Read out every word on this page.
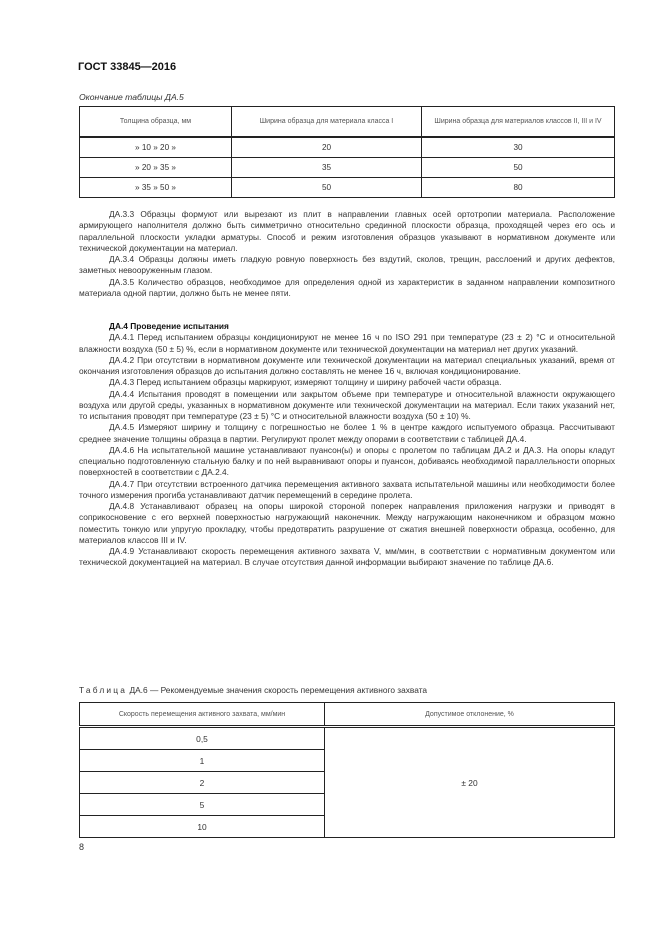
ГОСТ 33845—2016
Окончание таблицы ДА.5
Толщина образца, мм	Ширина образца для материала класса I	Ширина образца для материалов классов II, III и IV
» 10 » 20 »	20	30
» 20 » 35 »	35	50
» 35 » 50 »	50	80

ДА.3.3 Образцы формуют или вырезают из плит в направлении главных осей ортотропии материала. Расположение армирующего наполнителя должно быть симметрично относительно срединной плоскости образца, проходящей через его ось и параллельной плоскости укладки арматуры. Способ и режим изготовления образцов указывают в нормативном документе или технической документации на материал.

ДА.3.4 Образцы должны иметь гладкую ровную поверхность без вздутий, сколов, трещин, расслоений и других дефектов, заметных невооруженным глазом.

ДА.3.5 Количество образцов, необходимое для определения одной из характеристик в заданном направлении композитного материала одной партии, должно быть не менее пяти.

ДА.4 Проведение испытания

ДА.4.1 Перед испытанием образцы кондиционируют не менее 16 ч по ISO 291 при температуре (23 ± 2) °С и относительной влажности воздуха (50 ± 5) %, если в нормативном документе или технической документации на материал нет других указаний.

ДА.4.2 При отсутствии в нормативном документе или технической документации на материал специальных указаний, время от окончания изготовления образцов до испытания должно составлять не менее 16 ч, включая кондиционирование.

ДА.4.3 Перед испытанием образцы маркируют, измеряют толщину и ширину рабочей части образца.

ДА.4.4 Испытания проводят в помещении или закрытом объеме при температуре и относительной влажности окружающего воздуха или другой среды, указанных в нормативном документе или технической документации на материал. Если таких указаний нет, то испытания проводят при температуре (23 ± 5) °С и относительной влажности воздуха (50 ± 10) %.

ДА.4.5 Измеряют ширину и толщину с погрешностью не более 1 % в центре каждого испытуемого образца. Рассчитывают среднее значение толщины образца в партии. Регулируют пролет между опорами в соответствии с таблицей ДА.4.

ДА.4.6 На испытательной машине устанавливают пуансон(ы) и опоры с пролетом по таблицам ДА.2 и ДА.3. На опоры кладут специально подготовленную стальную балку и по ней выравнивают опоры и пуансон, добиваясь необходимой параллельности опорных поверхностей в соответствии с ДА.2.4.

ДА.4.7 При отсутствии встроенного датчика перемещения активного захвата испытательной машины или необходимости более точного измерения прогиба устанавливают датчик перемещений в середине пролета.

ДА.4.8 Устанавливают образец на опоры широкой стороной поперек направления приложения нагрузки и приводят в соприкосновение с его верхней поверхностью нагружающий наконечник. Между нагружающим наконечником и образцом можно поместить тонкую или упругую прокладку, чтобы предотвратить разрушение от сжатия внешней поверхности образца, особенно, для материалов классов III и IV.

ДА.4.9 Устанавливают скорость перемещения активного захвата V, мм/мин, в соответствии с нормативным документом или технической документацией на материал. В случае отсутствия данной информации выбирают значение по таблице ДА.6.

Таблица ДА.6 — Рекомендуемые значения скорость перемещения активного захвата
Скорость перемещения активного захвата, мм/мин	Допустимое отклонение, %
0,5	± 20
1	
2	
5	
10	
8
